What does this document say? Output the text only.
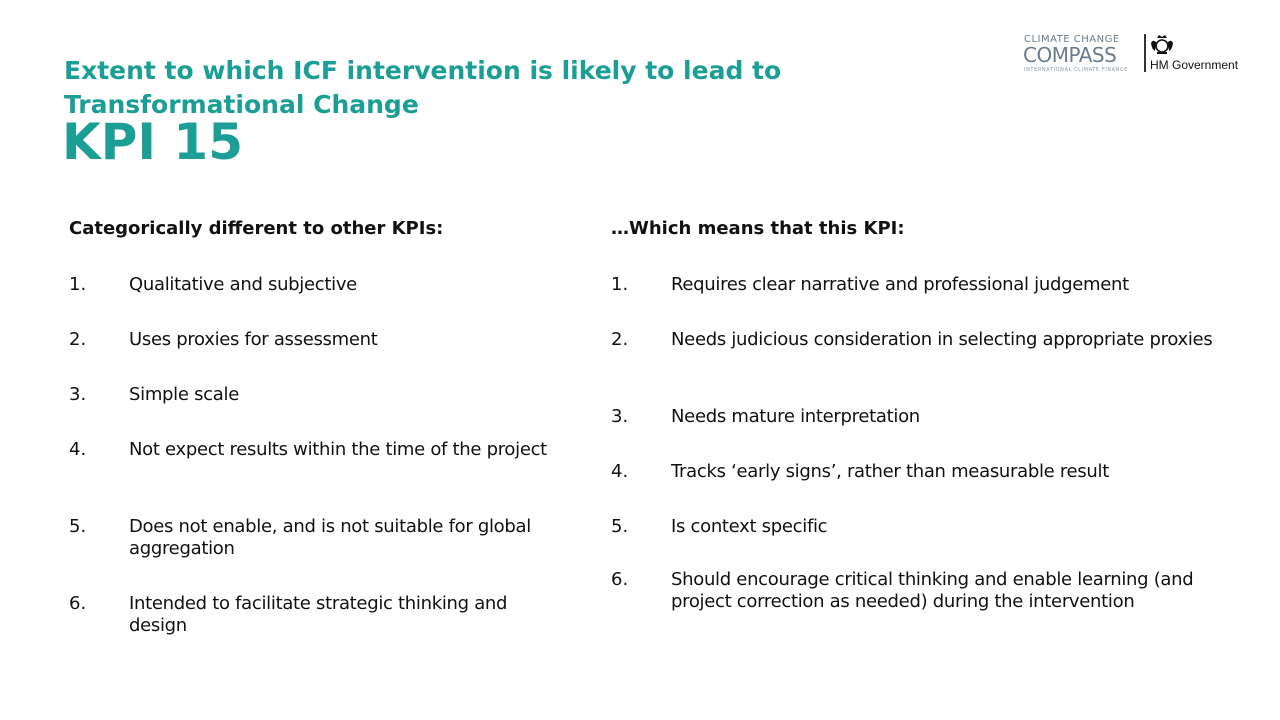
Extent to which ICF intervention is likely to lead to Transformational Change
KPI 15
CLIMATE CHANGE
COMPASS
INTERNATIONAL CLIMATE FINANCE HM Government
Categorically different to other KPIs:
1. Qualitative and subjective
2. Uses proxies for assessment
3. Simple scale
4. Not expect results within the time of the project
5. Does not enable, and is not suitable for global aggregation
6. Intended to facilitate strategic thinking and design
…Which means that this KPI:
1. Requires clear narrative and professional judgement
2. Needs judicious consideration in selecting appropriate proxies
3. Needs mature interpretation
4. Tracks ‘early signs’, rather than measurable result
5. Is context specific
6. Should encourage critical thinking and enable learning (and project correction as needed) during the intervention
